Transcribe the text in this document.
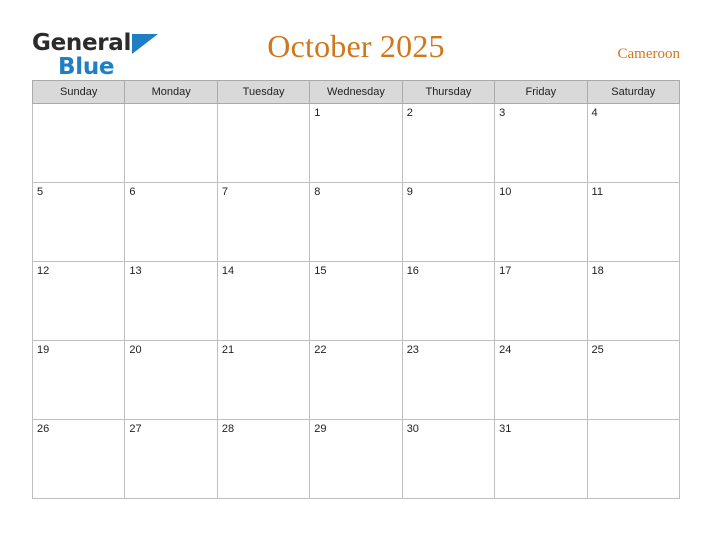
General
Blue
October 2025	Cameroon
Sunday	Monday	Tuesday	Wednesday	Thursday	Friday	Saturday

			1	2	3	4

5	6	7	8	9	10	11

12	13	14	15	16	17	18

19	20	21	22	23	24	25

26	27	28	29	30	31	
